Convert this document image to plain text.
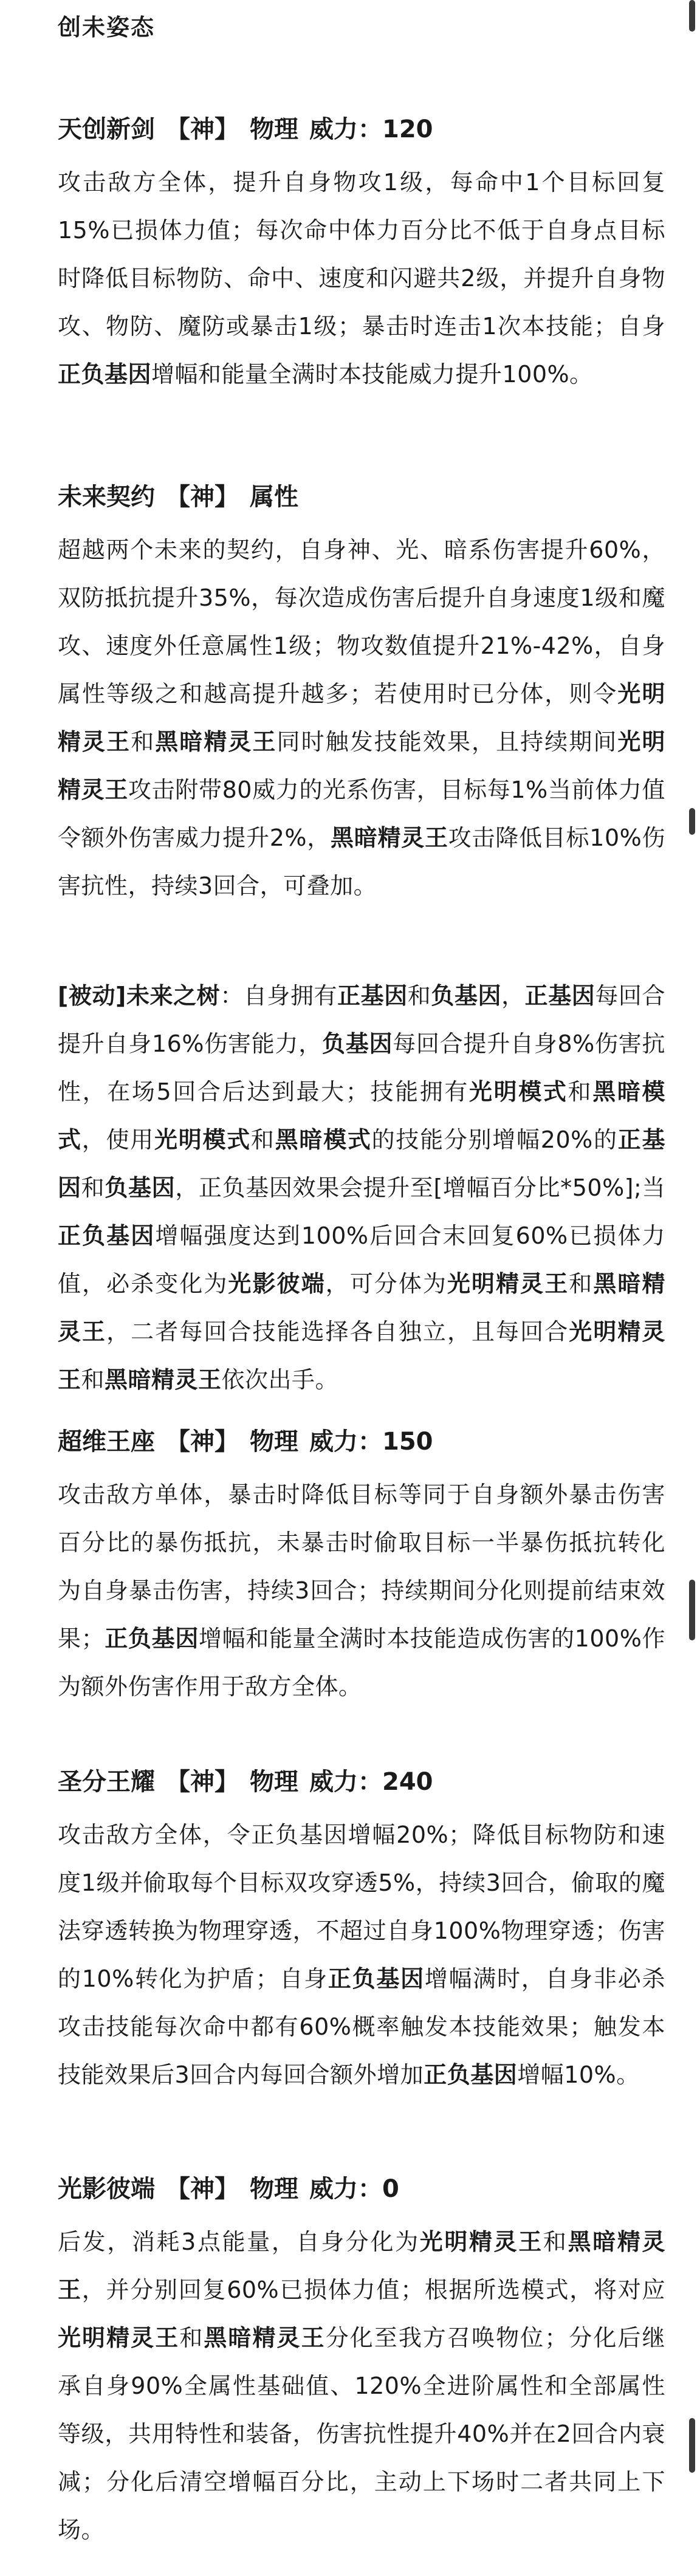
创未姿态
天创新剑 【神】 物理 威力：120
攻击敌方全体，提升自身物攻1级，每命中1个目标回复15%已损体力值；每次命中体力百分比不低于自身点目标时降低目标物防、命中、速度和闪避共2级，并提升自身物攻、物防、魔防或暴击1级；暴击时连击1次本技能；自身正负基因增幅和能量全满时本技能威力提升100%。
未来契约 【神】 属性
超越两个未来的契约，自身神、光、暗系伤害提升60%，双防抵抗提升35%，每次造成伤害后提升自身速度1级和魔攻、速度外任意属性1级；物攻数值提升21%-42%，自身属性等级之和越高提升越多；若使用时已分体，则令光明精灵王和黑暗精灵王同时触发技能效果，且持续期间光明精灵王攻击附带80威力的光系伤害，目标每1%当前体力值令额外伤害威力提升2%，黑暗精灵王攻击降低目标10%伤害抗性，持续3回合，可叠加。
[被动]未来之树：自身拥有正基因和负基因，正基因每回合提升自身16%伤害能力，负基因每回合提升自身8%伤害抗性，在场5回合后达到最大；技能拥有光明模式和黑暗模式，使用光明模式和黑暗模式的技能分别增幅20%的正基因和负基因，正负基因效果会提升至[增幅百分比*50%];当正负基因增幅强度达到100%后回合末回复60%已损体力值，必杀变化为光影彼端，可分体为光明精灵王和黑暗精灵王，二者每回合技能选择各自独立，且每回合光明精灵王和黑暗精灵王依次出手。
超维王座 【神】 物理 威力：150
攻击敌方单体，暴击时降低目标等同于自身额外暴击伤害百分比的暴伤抵抗，未暴击时偷取目标一半暴伤抵抗转化为自身暴击伤害，持续3回合；持续期间分化则提前结束效果；正负基因增幅和能量全满时本技能造成伤害的100%作为额外伤害作用于敌方全体。
圣分王耀 【神】 物理 威力：240
攻击敌方全体，令正负基因增幅20%；降低目标物防和速度1级并偷取每个目标双攻穿透5%，持续3回合，偷取的魔法穿透转换为物理穿透，不超过自身100%物理穿透；伤害的10%转化为护盾；自身正负基因增幅满时，自身非必杀攻击技能每次命中都有60%概率触发本技能效果；触发本技能效果后3回合内每回合额外增加正负基因增幅10%。
光影彼端 【神】 物理 威力：0
后发，消耗3点能量，自身分化为光明精灵王和黑暗精灵王，并分别回复60%已损体力值；根据所选模式，将对应光明精灵王和黑暗精灵王分化至我方召唤物位；分化后继承自身90%全属性基础值、120%全进阶属性和全部属性等级，共用特性和装备，伤害抗性提升40%并在2回合内衰减；分化后清空增幅百分比，主动上下场时二者共同上下场。
